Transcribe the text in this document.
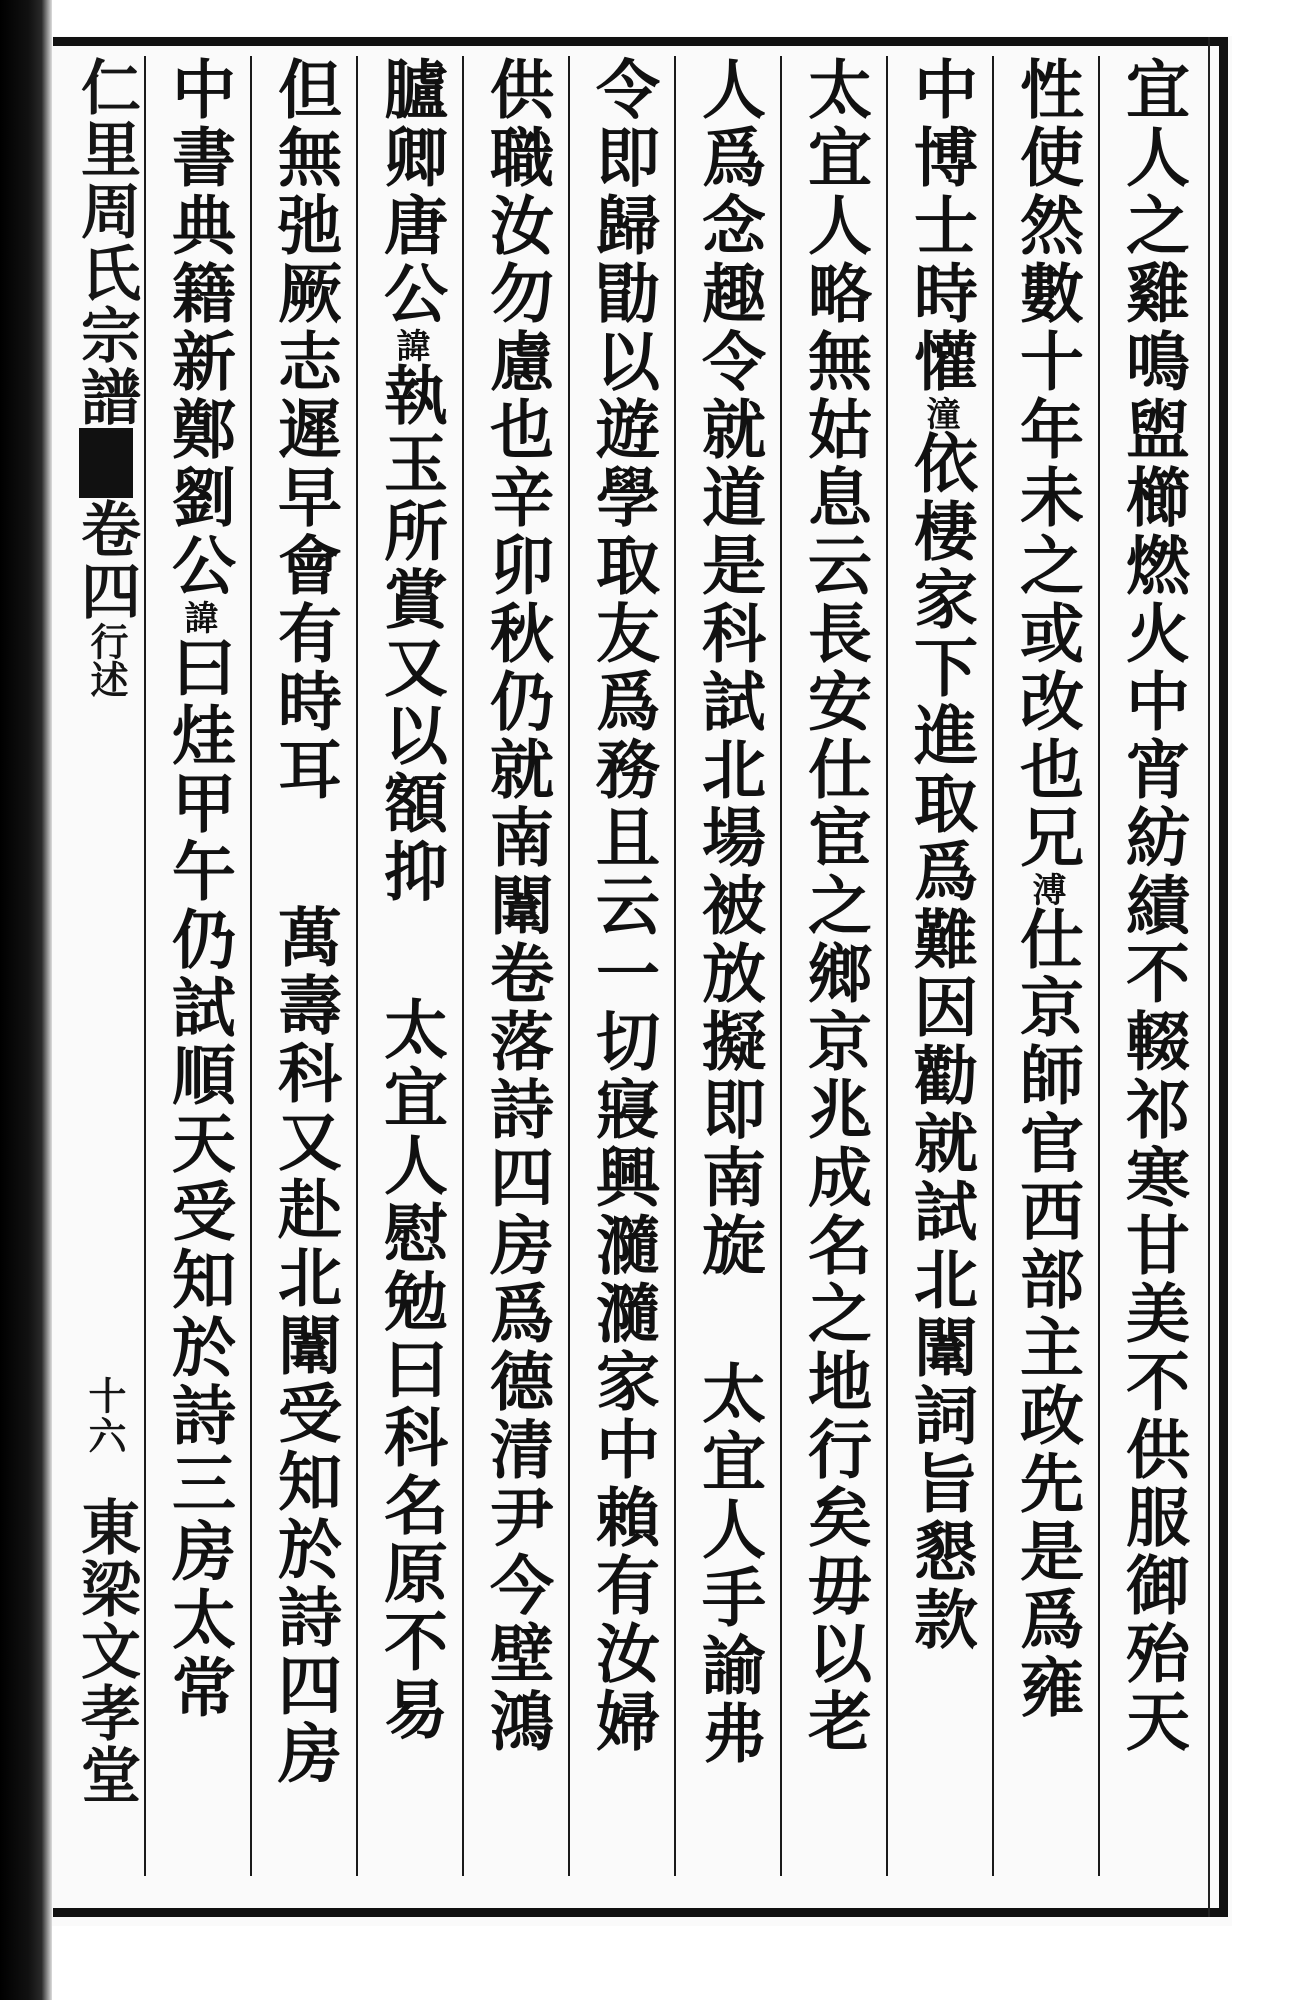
仁里周氏宗譜卷四行述
十六
東梁文孝堂	宜人之雞鳴盥櫛燃火中宵紡績不輟祁寒甘美不供服御殆天
性使然數十年未之或改也兄溥仕京師官西部主政先是爲雍
中博士時懽潼依棲家下進取爲難因勸就試北闈詞旨懇款
太宜人略無姑息云長安仕宦之鄉京兆成名之地行矣毋以老
人爲念趣令就道是科試北場被放擬即南旋太宜人手諭弗
令即歸勖以遊學取友爲務且云一切寢興瀡瀡家中賴有汝婦
供職汝勿慮也辛卯秋仍就南闈卷落詩四房爲德清尹今壁鴻
臚卿唐公諱執玉所賞又以額抑太宜人慰勉曰科名原不易
但無弛厥志遲早會有時耳萬壽科又赴北闈受知於詩四房
中書典籍新鄭劉公諱曰烓甲午仍試順天受知於詩三房太常
